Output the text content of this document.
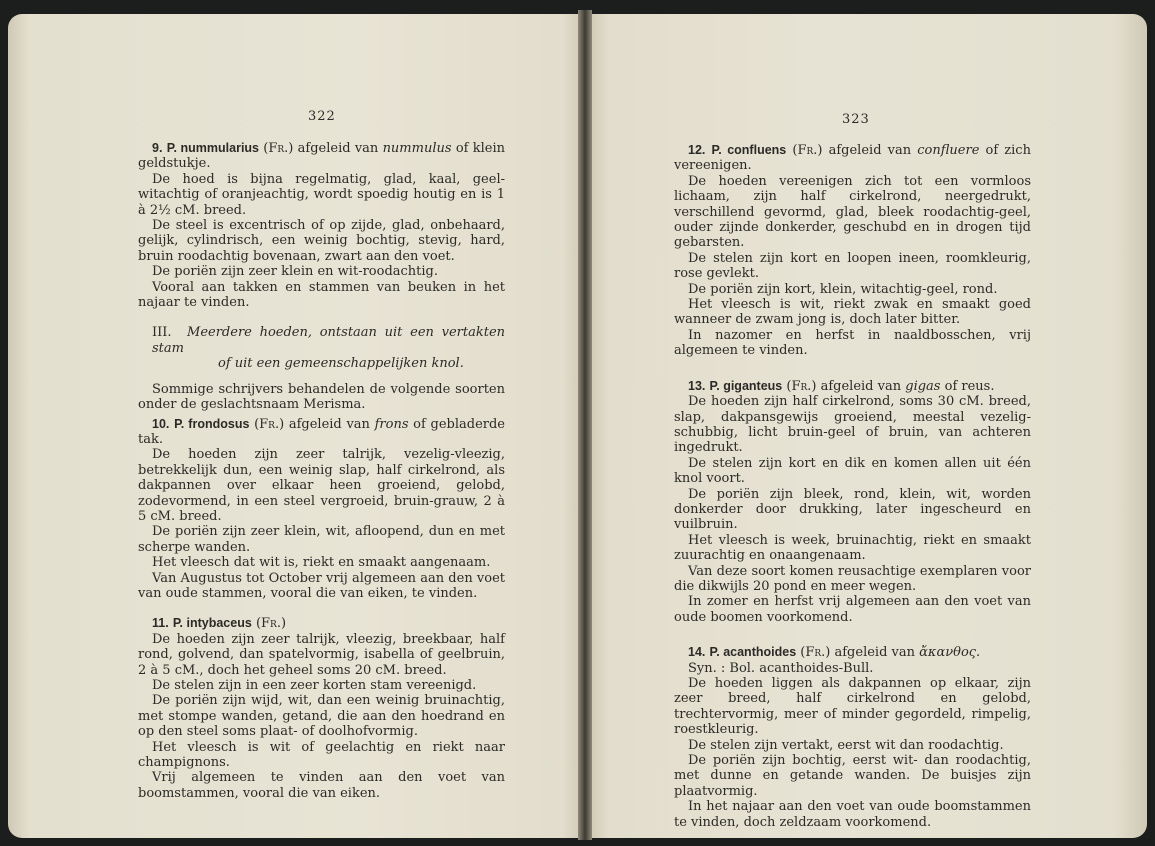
322

9. P. nummularius (Fr.) afgeleid van nummulus of klein geldstukje.

De hoed is bijna regelmatig, glad, kaal, geel-witachtig of oranjeachtig, wordt spoedig houtig en is 1 à 2½ cM. breed.

De steel is excentrisch of op zijde, glad, onbehaard, gelijk, cylindrisch, een weinig bochtig, stevig, hard, bruin roodachtig bovenaan, zwart aan den voet.

De poriën zijn zeer klein en wit-roodachtig.

Vooral aan takken en stammen van beuken in het najaar te vinden.

III. Meerdere hoeden, ontstaan uit een vertakten stam
of uit een gemeenschappelijken knol.

Sommige schrijvers behandelen de volgende soorten onder de geslachtsnaam Merisma.

10. P. frondosus (Fr.) afgeleid van frons of gebladerde tak.

De hoeden zijn zeer talrijk, vezelig-vleezig, betrekkelijk dun, een weinig slap, half cirkelrond, als dakpannen over elkaar heen groeiend, gelobd, zodevormend, in een steel vergroeid, bruin-grauw, 2 à 5 cM. breed.

De poriën zijn zeer klein, wit, afloopend, dun en met scherpe wanden.

Het vleesch dat wit is, riekt en smaakt aangenaam.

Van Augustus tot October vrij algemeen aan den voet van oude stammen, vooral die van eiken, te vinden.

11. P. intybaceus (Fr.)

De hoeden zijn zeer talrijk, vleezig, breekbaar, half rond, golvend, dan spatelvormig, isabella of geelbruin, 2 à 5 cM., doch het geheel soms 20 cM. breed.

De stelen zijn in een zeer korten stam vereenigd.

De poriën zijn wijd, wit, dan een weinig bruinachtig, met stompe wanden, getand, die aan den hoedrand en op den steel soms plaat- of doolhofvormig.

Het vleesch is wit of geelachtig en riekt naar champignons.

Vrij algemeen te vinden aan den voet van boomstammen, vooral die van eiken.

323

12. P. confluens (Fr.) afgeleid van confluere of zich vereenigen.

De hoeden vereenigen zich tot een vormloos lichaam, zijn half cirkelrond, neergedrukt, verschillend gevormd, glad, bleek roodachtig-geel, ouder zijnde donkerder, geschubd en in drogen tijd gebarsten.

De stelen zijn kort en loopen ineen, roomkleurig, rose gevlekt.

De poriën zijn kort, klein, witachtig-geel, rond.

Het vleesch is wit, riekt zwak en smaakt goed wanneer de zwam jong is, doch later bitter.

In nazomer en herfst in naaldbosschen, vrij algemeen te vinden.

13. P. giganteus (Fr.) afgeleid van gigas of reus.

De hoeden zijn half cirkelrond, soms 30 cM. breed, slap, dakpansgewijs groeiend, meestal vezelig-schubbig, licht bruin-geel of bruin, van achteren ingedrukt.

De stelen zijn kort en dik en komen allen uit één knol voort.

De poriën zijn bleek, rond, klein, wit, worden donkerder door drukking, later ingescheurd en vuilbruin.

Het vleesch is week, bruinachtig, riekt en smaakt zuurachtig en onaangenaam.

Van deze soort komen reusachtige exemplaren voor die dikwijls 20 pond en meer wegen.

In zomer en herfst vrij algemeen aan den voet van oude boomen voorkomend.

14. P. acanthoides (Fr.) afgeleid van ἄκανθος.

Syn. : Bol. acanthoides-Bull.

De hoeden liggen als dakpannen op elkaar, zijn zeer breed, half cirkelrond en gelobd, trechtervormig, meer of minder gegordeld, rimpelig, roestkleurig.

De stelen zijn vertakt, eerst wit dan roodachtig.

De poriën zijn bochtig, eerst wit- dan roodachtig, met dunne en getande wanden. De buisjes zijn plaatvormig.

In het najaar aan den voet van oude boomstammen te vinden, doch zeldzaam voorkomend.
